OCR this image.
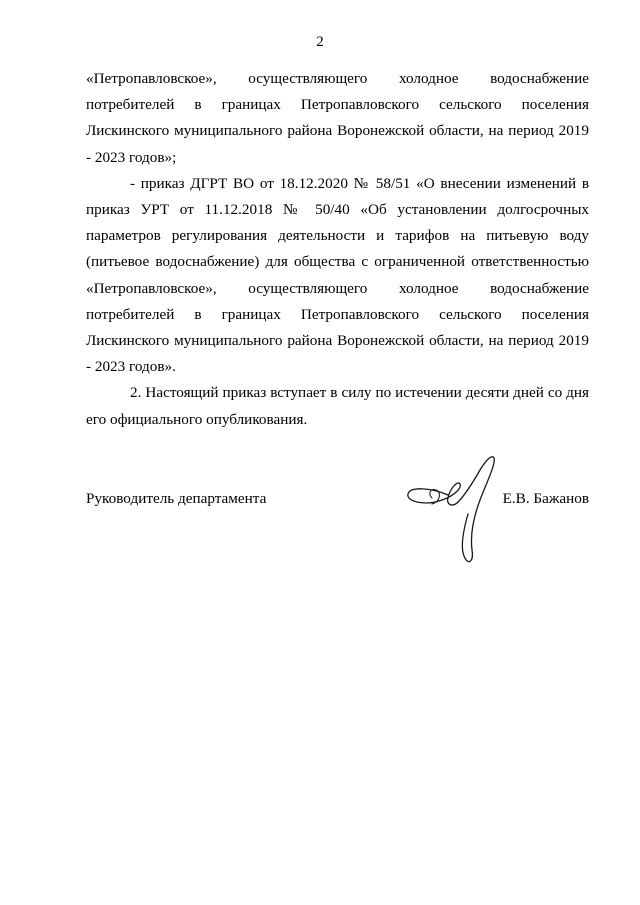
2

«Петропавловское», осуществляющего холодное водоснабжение потребителей в границах Петропавловского сельского поселения Лискинского муниципального района Воронежской области, на период 2019 - 2023 годов»;

- приказ ДГРТ ВО от 18.12.2020 № 58/51 «О внесении изменений в приказ УРТ от 11.12.2018 № 50/40 «Об установлении долгосрочных параметров регулирования деятельности и тарифов на питьевую воду (питьевое водоснабжение) для общества с ограниченной ответственностью «Петропавловское», осуществляющего холодное водоснабжение потребителей в границах Петропавловского сельского поселения Лискинского муниципального района Воронежской области, на период 2019 - 2023 годов».

2. Настоящий приказ вступает в силу по истечении десяти дней со дня его официального опубликования.

Руководитель департамента	Е.В. Бажанов
